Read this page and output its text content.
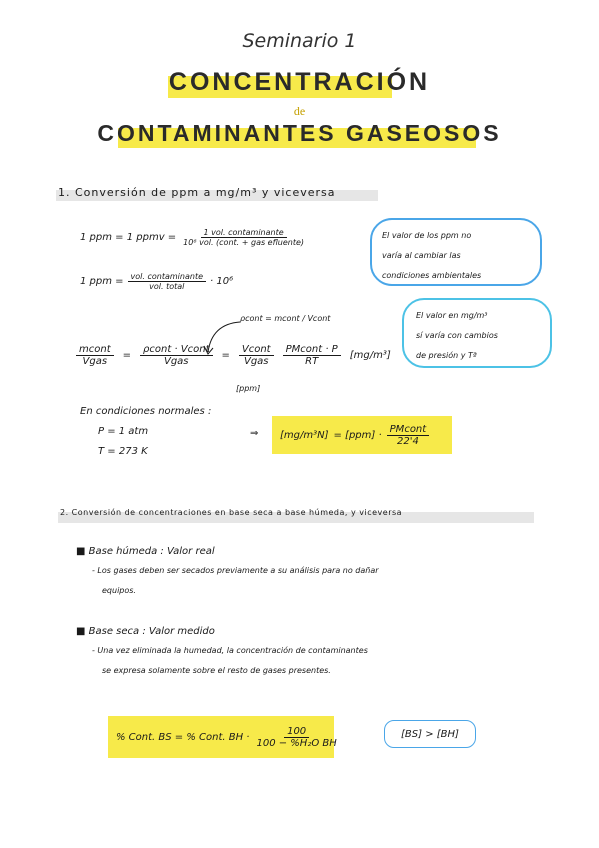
Seminario 1
CONCENTRACIÓN
de
CONTAMINANTES GASEOSOS
1. Conversión de ppm a mg/m³ y viceversa
1 ppm = 1 ppmv = $\frac{\text{1 vol. contaminante}}{\text{10⁶ vol. (cont. + gas efluente)}}$
1 ppm = $\frac{\text{vol. contaminante}}{\text{vol. total}} \cdot 10^6$
El valor de los ppm no
varía al cambiar las
condiciones ambientales
El valor en mg/m³
sí varía con cambios
de presión y Tª
ρcont = mcont / Vcont
$\frac{\text{mcont}}{\text{Vgas}} = \frac{\text{ρcont · Vcont}}{\text{Vgas}} = \frac{\text{Vcont}}{\text{Vgas}} \frac{\text{PMcont · P}}{RT} [mg/m^3]$
[ppm]
En condiciones normales :
P = 1 atm
T = 273 K
⇒ $[mg/m^3N] = [ppm] \cdot \frac{\text{PMcont}}{22'4}$
2. Conversión de concentraciones en base seca a base húmeda, y viceversa
■ Base húmeda : Valor real
- Los gases deben ser secados previamente a su análisis para no dañar
equipos.
■ Base seca : Valor medido
- Una vez eliminada la humedad, la concentración de contaminantes
se expresa solamente sobre el resto de gases presentes.
% Cont. BS = % Cont. BH · $\frac{100}{\text{100 − \%H₂O BH}}$	[BS] > [BH]
